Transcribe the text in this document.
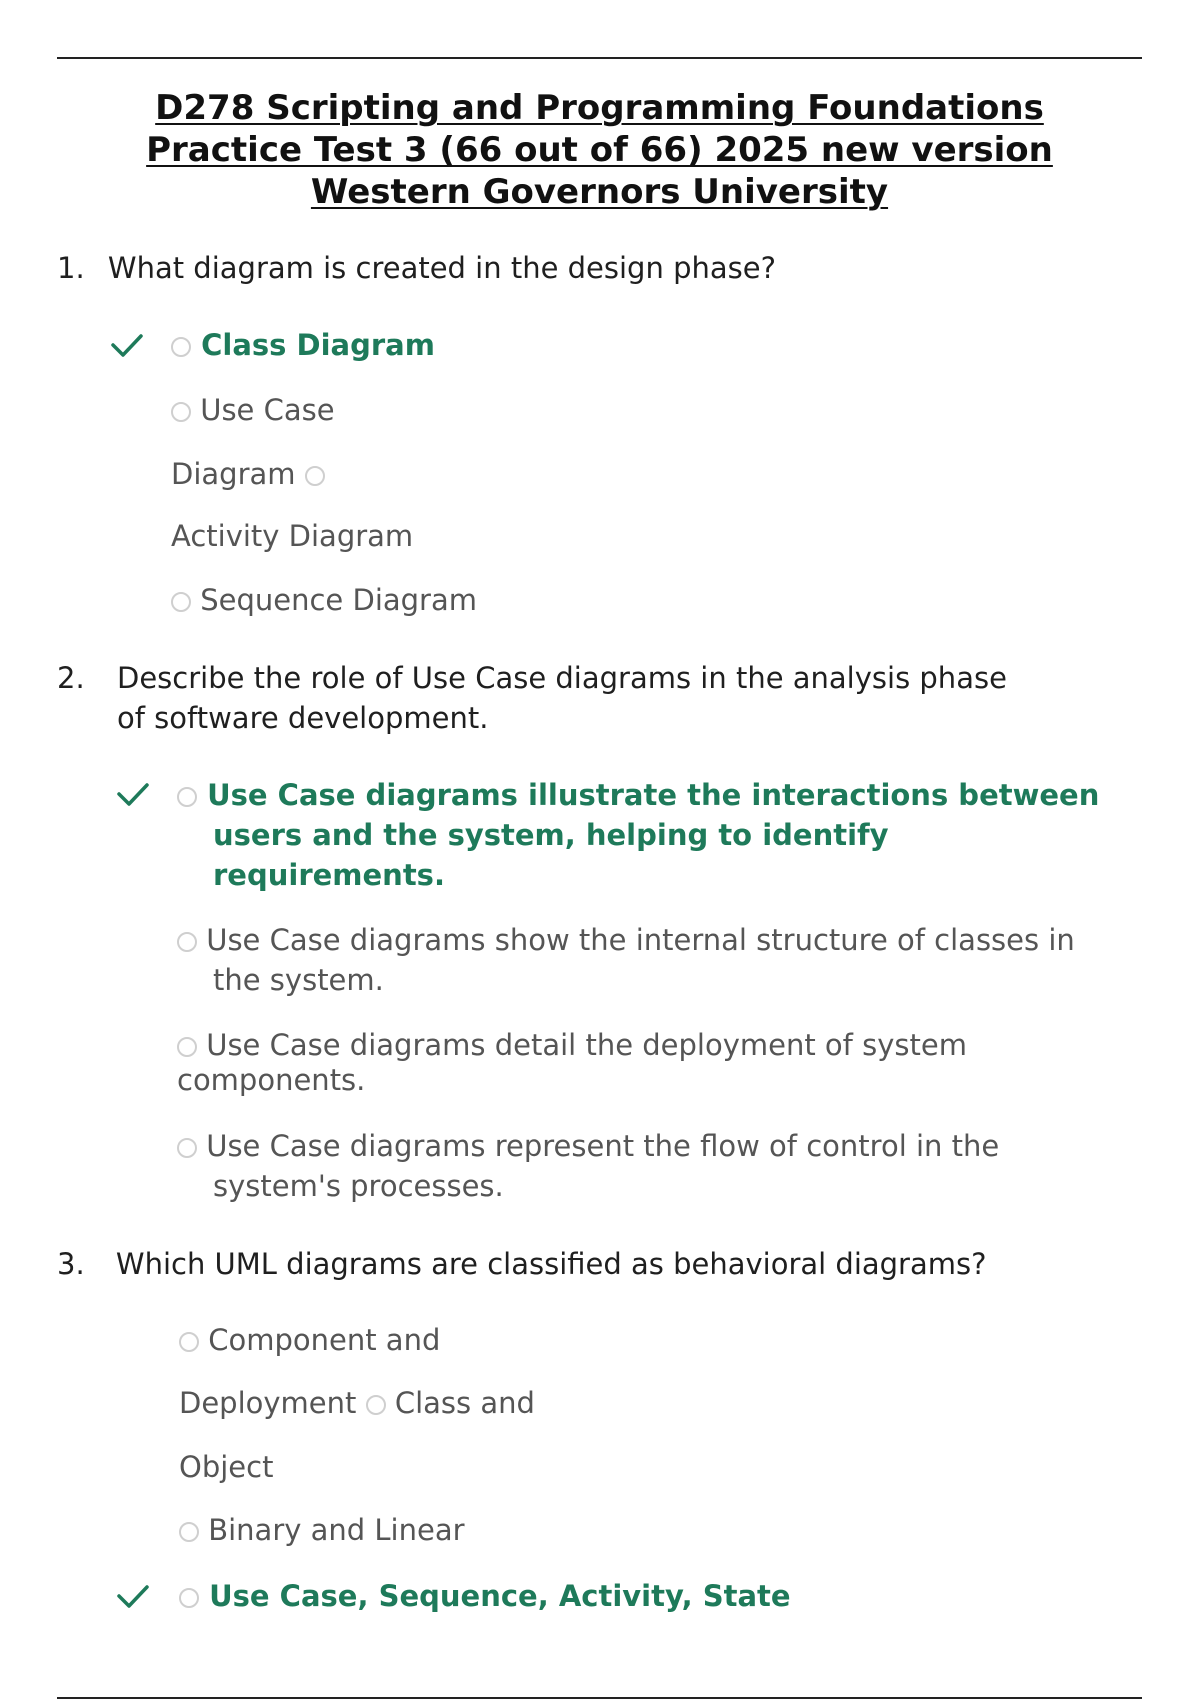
D278 Scripting and Programming Foundations
Practice Test 3 (66 out of 66) 2025 new version
Western Governors University
1. What diagram is created in the design phase?
Class Diagram
Use Case
Diagram
Activity Diagram
Sequence Diagram
2. Describe the role of Use Case diagrams in the analysis phase
of software development.
Use Case diagrams illustrate the interactions between
users and the system, helping to identify
requirements.
Use Case diagrams show the internal structure of classes in
the system.
Use Case diagrams detail the deployment of system
components.
Use Case diagrams represent the flow of control in the
system's processes.
3. Which UML diagrams are classified as behavioral diagrams?
Component and
Deployment Class and
Object
Binary and Linear
Use Case, Sequence, Activity, State
